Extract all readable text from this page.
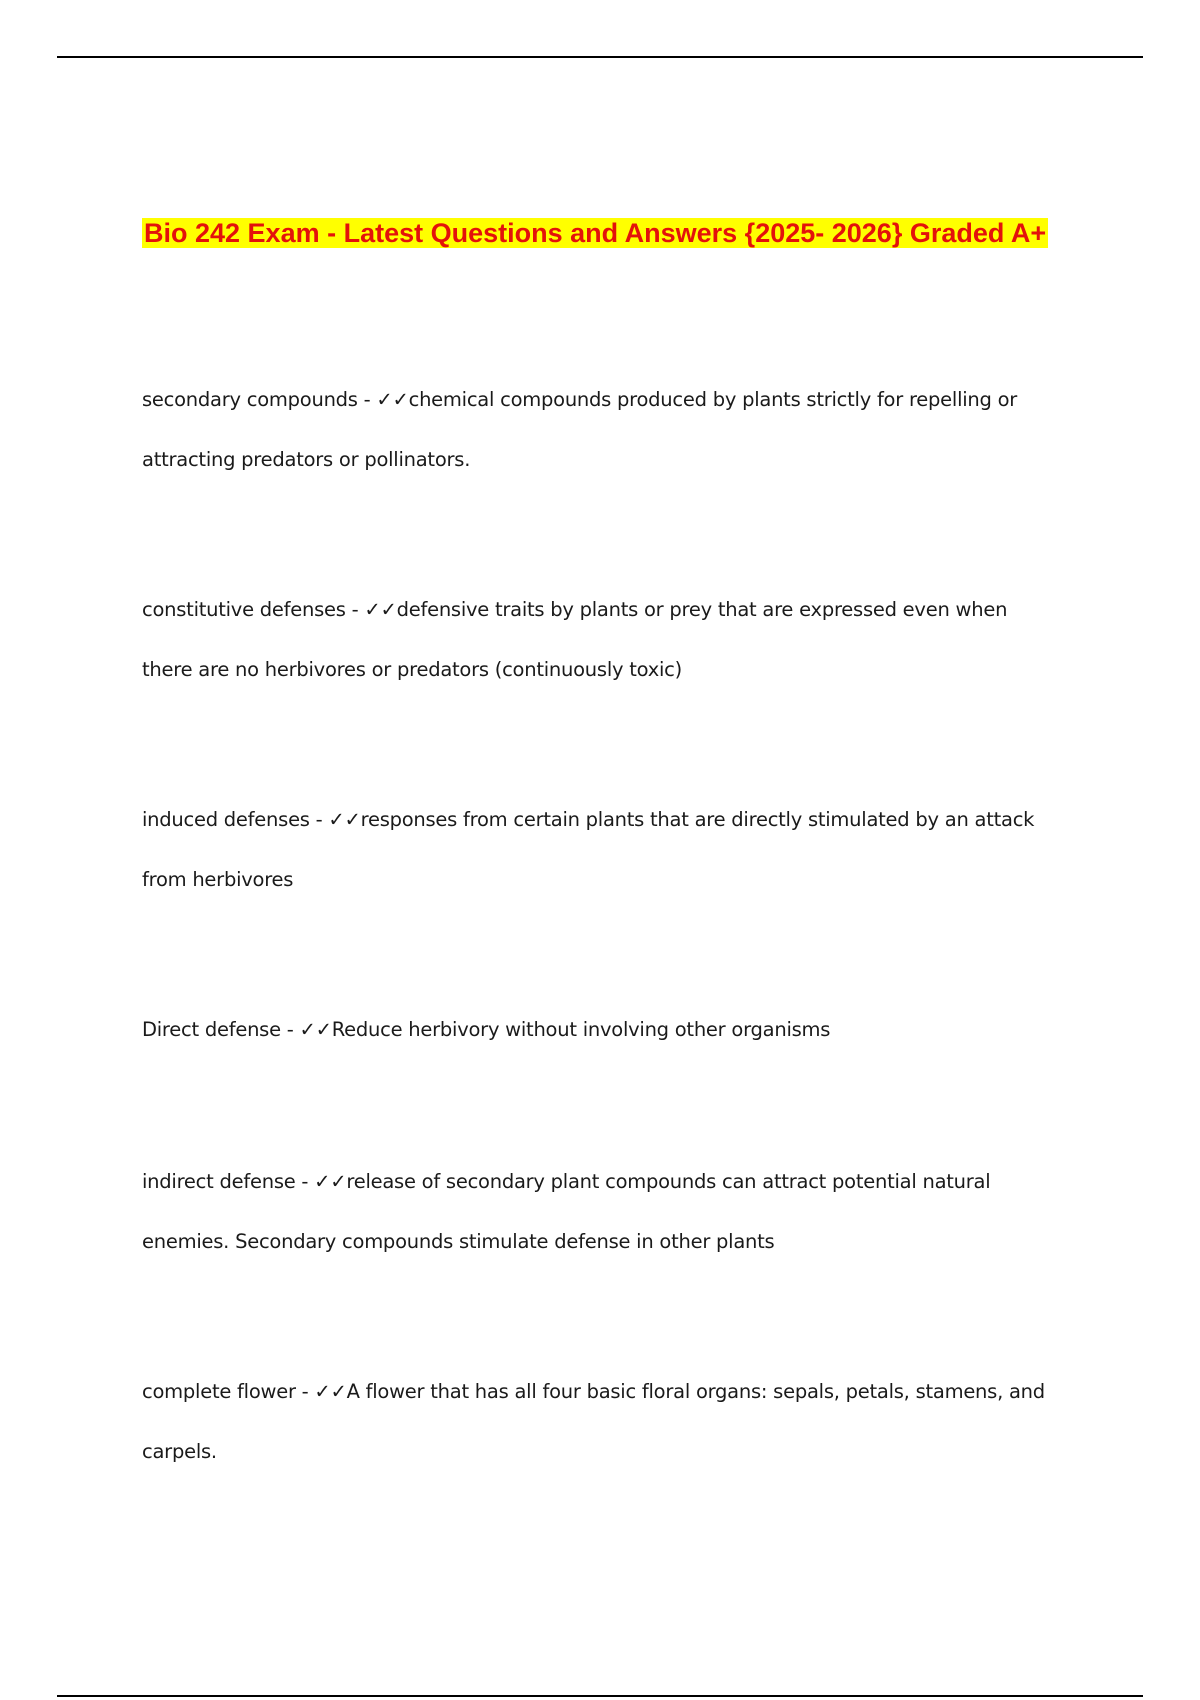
Bio 242 Exam - Latest Questions and Answers {2025- 2026} Graded A+

secondary compounds - ✓✓chemical compounds produced by plants strictly for repelling or attracting predators or pollinators.

constitutive defenses - ✓✓defensive traits by plants or prey that are expressed even when there are no herbivores or predators (continuously toxic)

induced defenses - ✓✓responses from certain plants that are directly stimulated by an attack from herbivores

Direct defense - ✓✓Reduce herbivory without involving other organisms

indirect defense - ✓✓release of secondary plant compounds can attract potential natural enemies. Secondary compounds stimulate defense in other plants

complete flower - ✓✓A flower that has all four basic floral organs: sepals, petals, stamens, and carpels.
